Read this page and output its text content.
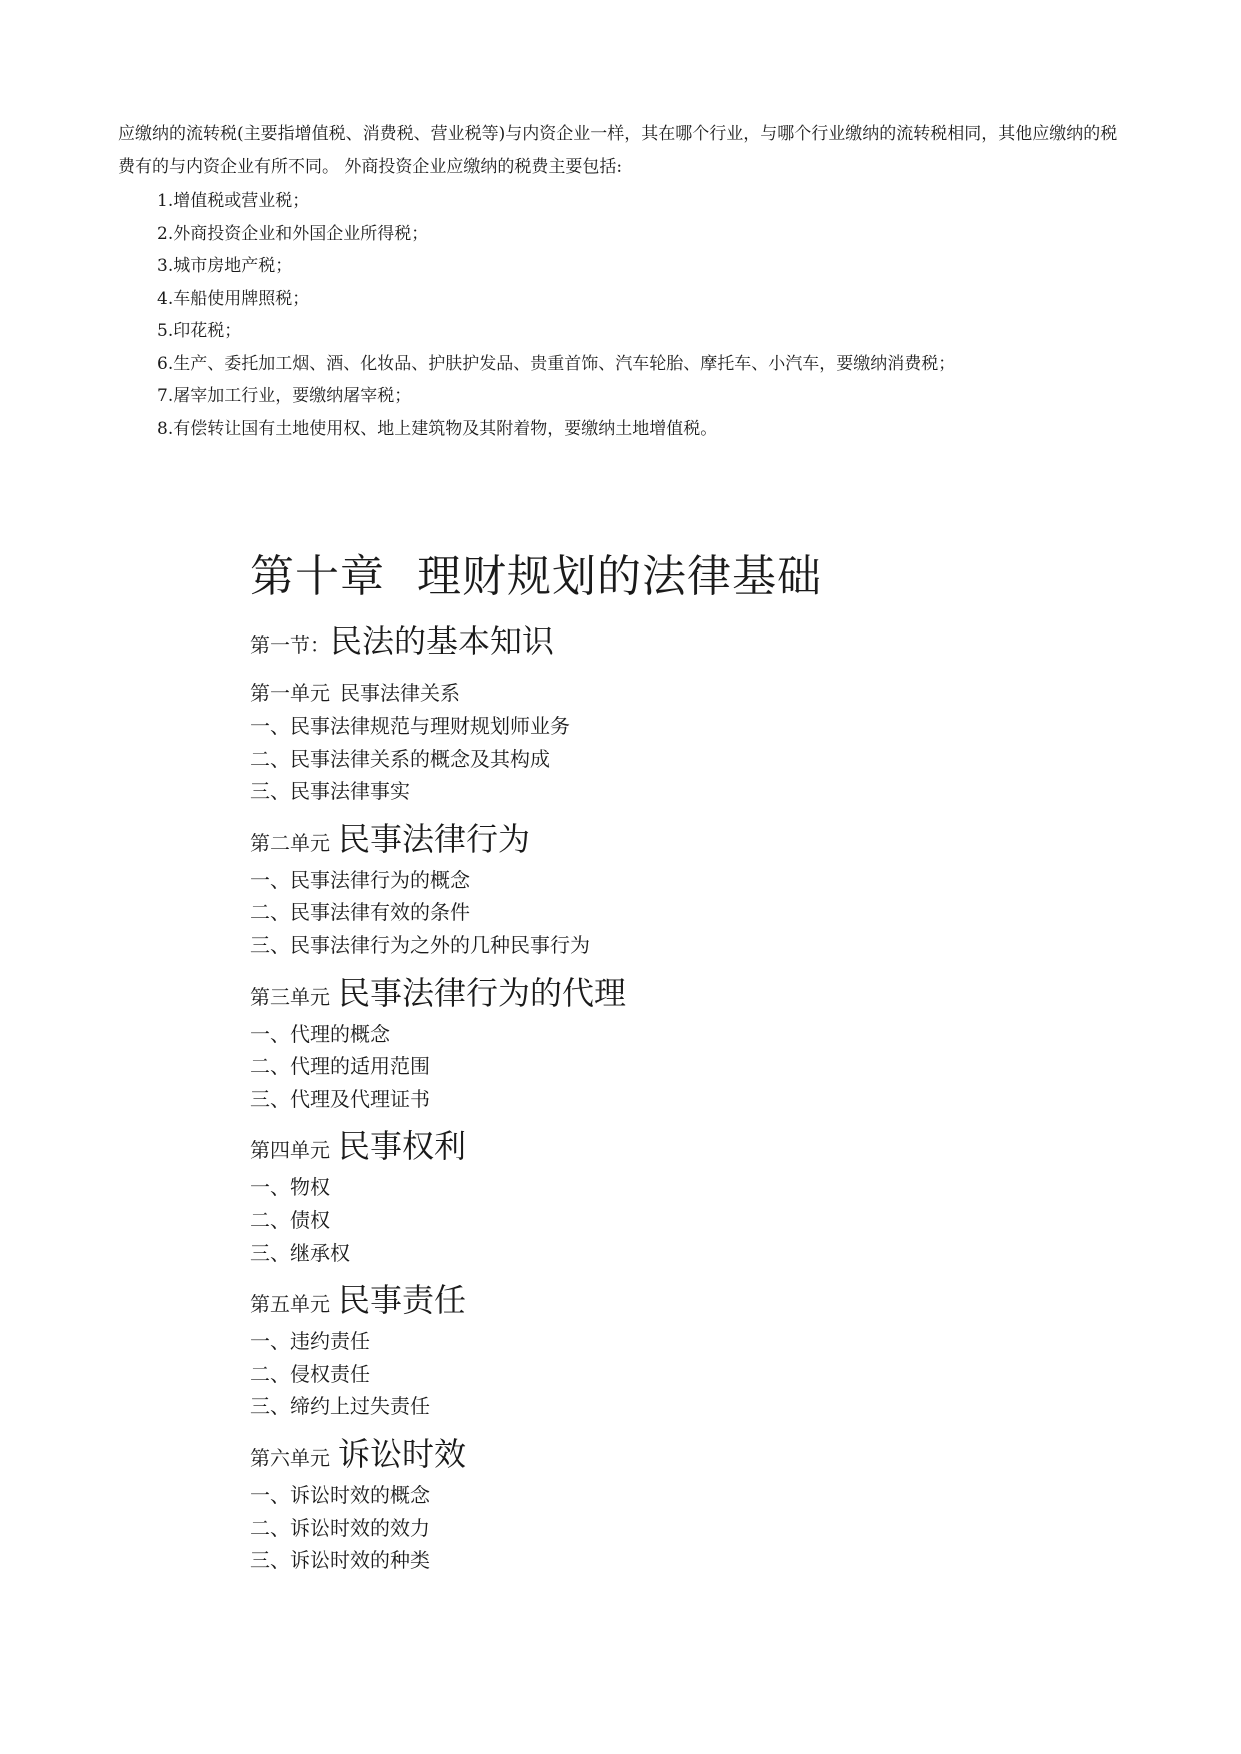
应缴纳的流转税(主要指增值税、消费税、营业税等)与内资企业一样，其在哪个行业，与哪个行业缴纳的流转税相同，其他应缴纳的税费有的与内资企业有所不同。 外商投资企业应缴纳的税费主要包括:

1.增值税或营业税；
2.外商投资企业和外国企业所得税；
3.城市房地产税；
4.车船使用牌照税；
5.印花税；
6.生产、委托加工烟、酒、化妆品、护肤护发品、贵重首饰、汽车轮胎、摩托车、小汽车，要缴纳消费税；
7.屠宰加工行业，要缴纳屠宰税；
8.有偿转让国有土地使用权、地上建筑物及其附着物，要缴纳土地增值税。
第十章 理财规划的法律基础
第一节：民法的基本知识
第一单元 民事法律关系
一、民事法律规范与理财规划师业务
二、民事法律关系的概念及其构成
三、民事法律事实
第二单元 民事法律行为
一、民事法律行为的概念
二、民事法律有效的条件
三、民事法律行为之外的几种民事行为
第三单元 民事法律行为的代理
一、代理的概念
二、代理的适用范围
三、代理及代理证书
第四单元 民事权利
一、物权
二、债权
三、继承权
第五单元 民事责任
一、违约责任
二、侵权责任
三、缔约上过失责任
第六单元 诉讼时效
一、诉讼时效的概念
二、诉讼时效的效力
三、诉讼时效的种类
